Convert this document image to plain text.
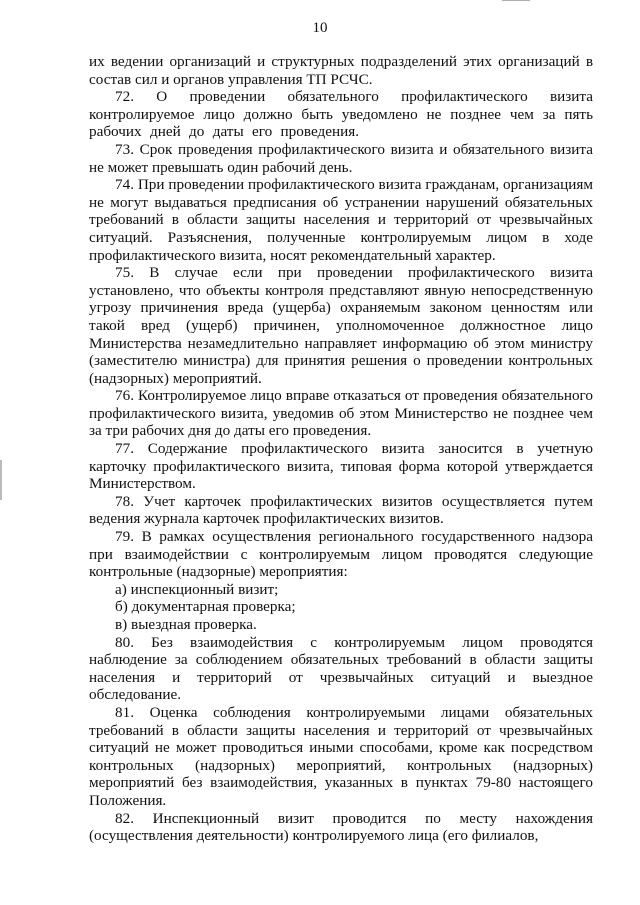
10

их ведении организаций и структурных подразделений этих организаций в состав сил и органов управления ТП РСЧС.

72. О проведении обязательного профилактического визита контролируемое лицо должно быть уведомлено не позднее чем за пять рабочих дней до даты его проведения.

73. Срок проведения профилактического визита и обязательного визита не может превышать один рабочий день.

74. При проведении профилактического визита гражданам, организациям не могут выдаваться предписания об устранении нарушений обязательных требований в области защиты населения и территорий от чрезвычайных ситуаций. Разъяснения, полученные контролируемым лицом в ходе профилактического визита, носят рекомендательный характер.

75. В случае если при проведении профилактического визита установлено, что объекты контроля представляют явную непосредственную угрозу причинения вреда (ущерба) охраняемым законом ценностям или такой вред (ущерб) причинен, уполномоченное должностное лицо Министерства незамедлительно направляет информацию об этом министру (заместителю министра) для принятия решения о проведении контрольных (надзорных) мероприятий.

76. Контролируемое лицо вправе отказаться от проведения обязательного профилактического визита, уведомив об этом Министерство не позднее чем за три рабочих дня до даты его проведения.

77. Содержание профилактического визита заносится в учетную карточку профилактического визита, типовая форма которой утверждается Министерством.

78. Учет карточек профилактических визитов осуществляется путем ведения журнала карточек профилактических визитов.

79. В рамках осуществления регионального государственного надзора при взаимодействии с контролируемым лицом проводятся следующие контрольные (надзорные) мероприятия:

а) инспекционный визит;

б) документарная проверка;

в) выездная проверка.

80. Без взаимодействия с контролируемым лицом проводятся наблюдение за соблюдением обязательных требований в области защиты населения и территорий от чрезвычайных ситуаций и выездное обследование.

81. Оценка соблюдения контролируемыми лицами обязательных требований в области защиты населения и территорий от чрезвычайных ситуаций не может проводиться иными способами, кроме как посредством контрольных (надзорных) мероприятий, контрольных (надзорных) мероприятий без взаимодействия, указанных в пунктах 79-80 настоящего Положения.

82. Инспекционный визит проводится по месту нахождения (осуществления деятельности) контролируемого лица (его филиалов,
